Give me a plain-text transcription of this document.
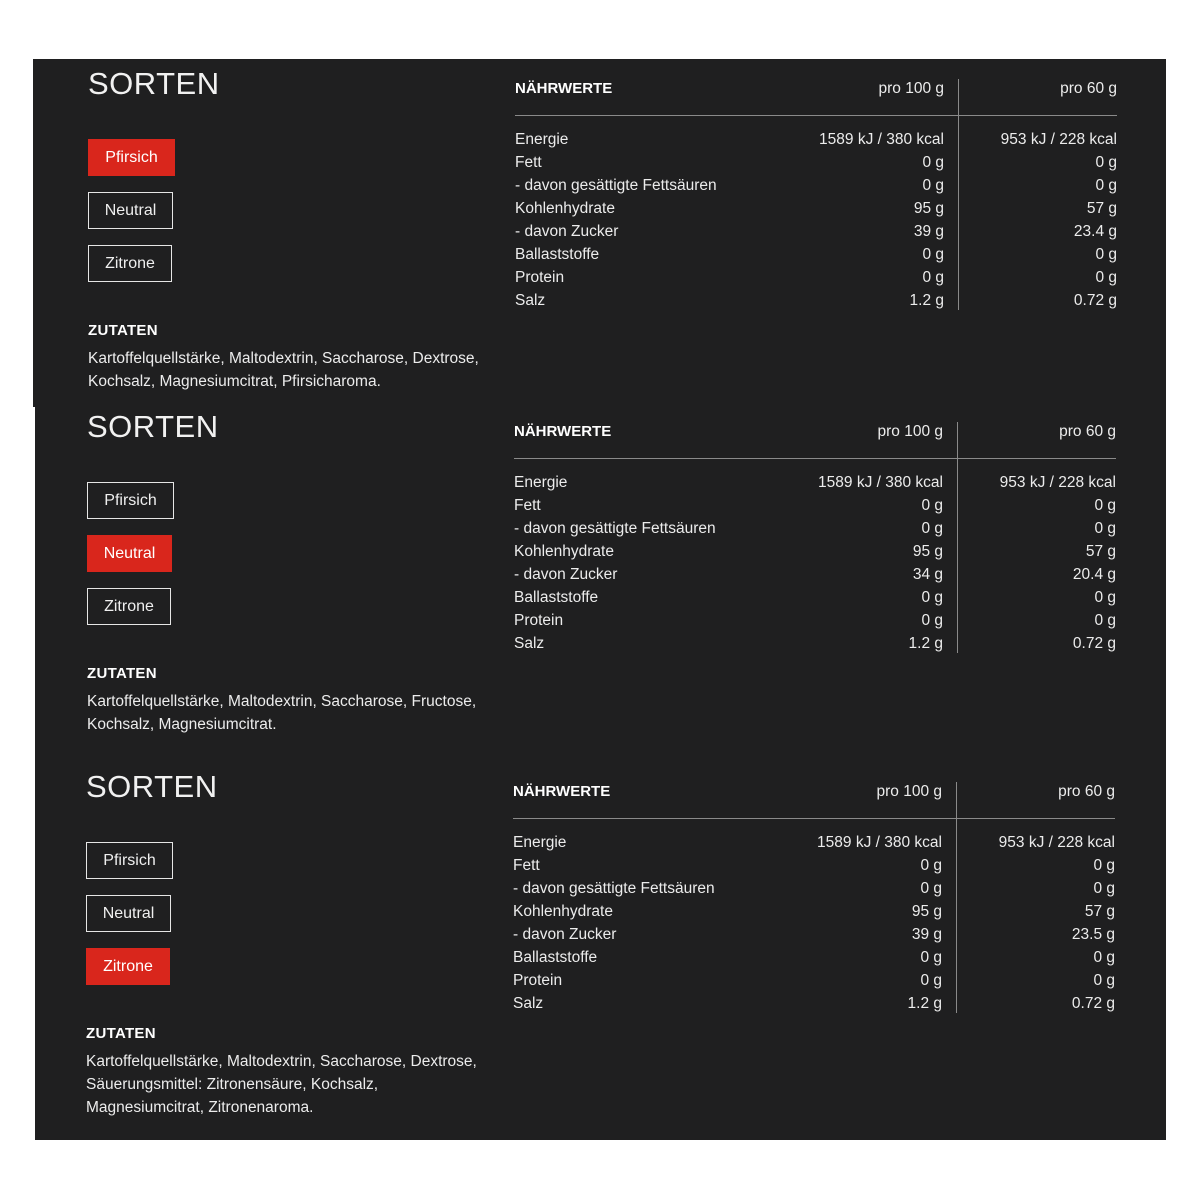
SORTEN
Pfirsich
Neutral
Zitrone
ZUTATEN
Kartoffelquellstärke, Maltodextrin, Saccharose, Dextrose,
Kochsalz, Magnesiumcitrat, Pfirsicharoma.
NÄHRWERTE	pro 100 g	pro 60 g
Energie	1589 kJ / 380 kcal	953 kJ / 228 kcal
Fett	0 g	0 g
- davon gesättigte Fettsäuren	0 g	0 g
Kohlenhydrate	95 g	57 g
- davon Zucker	39 g	23.4 g
Ballaststoffe	0 g	0 g
Protein	0 g	0 g
Salz	1.2 g	0.72 g
SORTEN
Pfirsich
Neutral
Zitrone
ZUTATEN
Kartoffelquellstärke, Maltodextrin, Saccharose, Fructose,
Kochsalz, Magnesiumcitrat.
NÄHRWERTE	pro 100 g	pro 60 g
Energie	1589 kJ / 380 kcal	953 kJ / 228 kcal
Fett	0 g	0 g
- davon gesättigte Fettsäuren	0 g	0 g
Kohlenhydrate	95 g	57 g
- davon Zucker	34 g	20.4 g
Ballaststoffe	0 g	0 g
Protein	0 g	0 g
Salz	1.2 g	0.72 g
SORTEN
Pfirsich
Neutral
Zitrone
ZUTATEN
Kartoffelquellstärke, Maltodextrin, Saccharose, Dextrose,
Säuerungsmittel: Zitronensäure, Kochsalz,
Magnesiumcitrat, Zitronenaroma.
NÄHRWERTE	pro 100 g	pro 60 g
Energie	1589 kJ / 380 kcal	953 kJ / 228 kcal
Fett	0 g	0 g
- davon gesättigte Fettsäuren	0 g	0 g
Kohlenhydrate	95 g	57 g
- davon Zucker	39 g	23.5 g
Ballaststoffe	0 g	0 g
Protein	0 g	0 g
Salz	1.2 g	0.72 g
